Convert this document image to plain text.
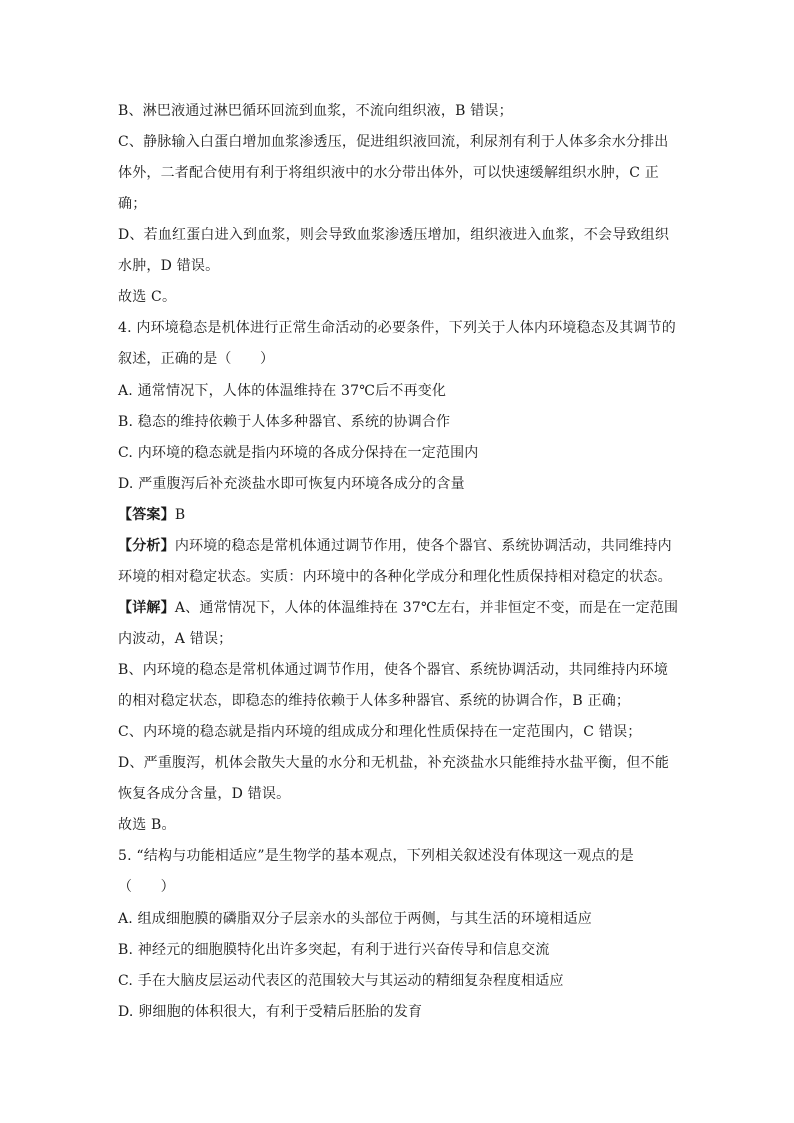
B、淋巴液通过淋巴循环回流到血浆，不流向组织液，B 错误；
C、静脉输入白蛋白增加血浆渗透压，促进组织液回流，利尿剂有利于人体多余水分排出
体外，二者配合使用有利于将组织液中的水分带出体外，可以快速缓解组织水肿，C 正
确；
D、若血红蛋白进入到血浆，则会导致血浆渗透压增加，组织液进入血浆，不会导致组织
水肿，D 错误。
故选 C。
4. 内环境稳态是机体进行正常生命活动的必要条件，下列关于人体内环境稳态及其调节的
叙述，正确的是（　　）
A. 通常情况下，人体的体温维持在 37℃后不再变化
B. 稳态的维持依赖于人体多种器官、系统的协调合作
C. 内环境的稳态就是指内环境的各成分保持在一定范围内
D. 严重腹泻后补充淡盐水即可恢复内环境各成分的含量
【答案】B
【分析】内环境的稳态是常机体通过调节作用，使各个器官、系统协调活动，共同维持内
环境的相对稳定状态。实质：内环境中的各种化学成分和理化性质保持相对稳定的状态。
【详解】A、通常情况下，人体的体温维持在 37℃左右，并非恒定不变，而是在一定范围
内波动，A 错误；
B、内环境的稳态是常机体通过调节作用，使各个器官、系统协调活动，共同维持内环境
的相对稳定状态，即稳态的维持依赖于人体多种器官、系统的协调合作，B 正确；
C、内环境的稳态就是指内环境的组成成分和理化性质保持在一定范围内，C 错误；
D、严重腹泻，机体会散失大量的水分和无机盐，补充淡盐水只能维持水盐平衡，但不能
恢复各成分含量，D 错误。
故选 B。
5. “结构与功能相适应”是生物学的基本观点，下列相关叙述没有体现这一观点的是
（　　）
A. 组成细胞膜的磷脂双分子层亲水的头部位于两侧，与其生活的环境相适应
B. 神经元的细胞膜特化出许多突起，有利于进行兴奋传导和信息交流
C. 手在大脑皮层运动代表区的范围较大与其运动的精细复杂程度相适应
D. 卵细胞的体积很大，有利于受精后胚胎的发育
